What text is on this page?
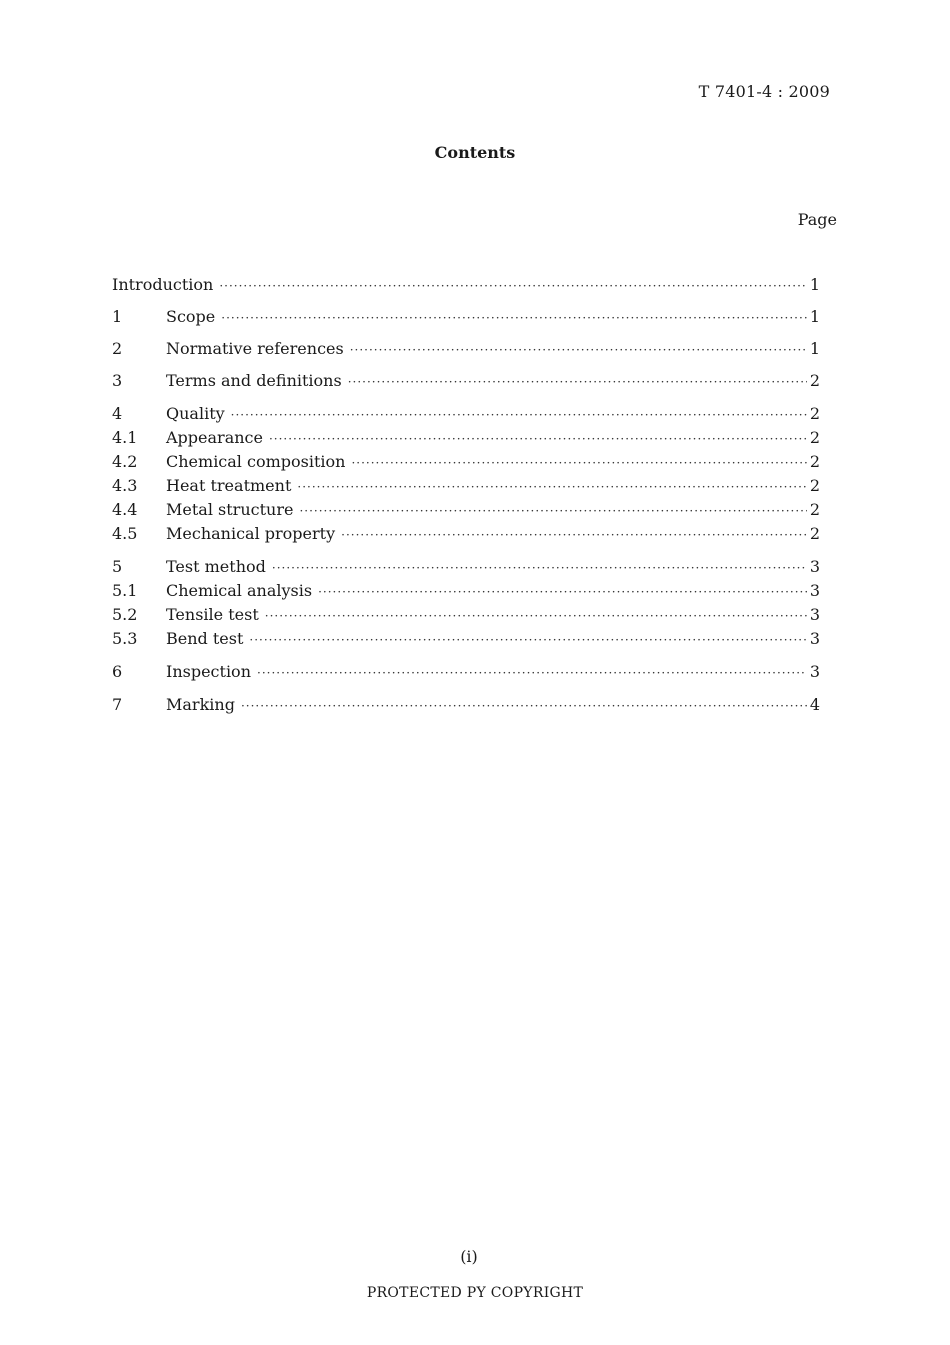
T 7401-4 : 2009
Contents
Page
Introduction ·····	1
1	Scope ·····	1
2	Normative references ·····	1
3	Terms and definitions ·····	2
4	Quality ·····	2
4.1	Appearance ·····	2
4.2	Chemical composition ·····	2
4.3	Heat treatment ·····	2
4.4	Metal structure ·····	2
4.5	Mechanical property ·····	2
5	Test method ·····	3
5.1	Chemical analysis ·····	3
5.2	Tensile test ·····	3
5.3	Bend test ·····	3
6	Inspection ·····	3
7	Marking ·····	4
(i)
PROTECTED PY COPYRIGHT
